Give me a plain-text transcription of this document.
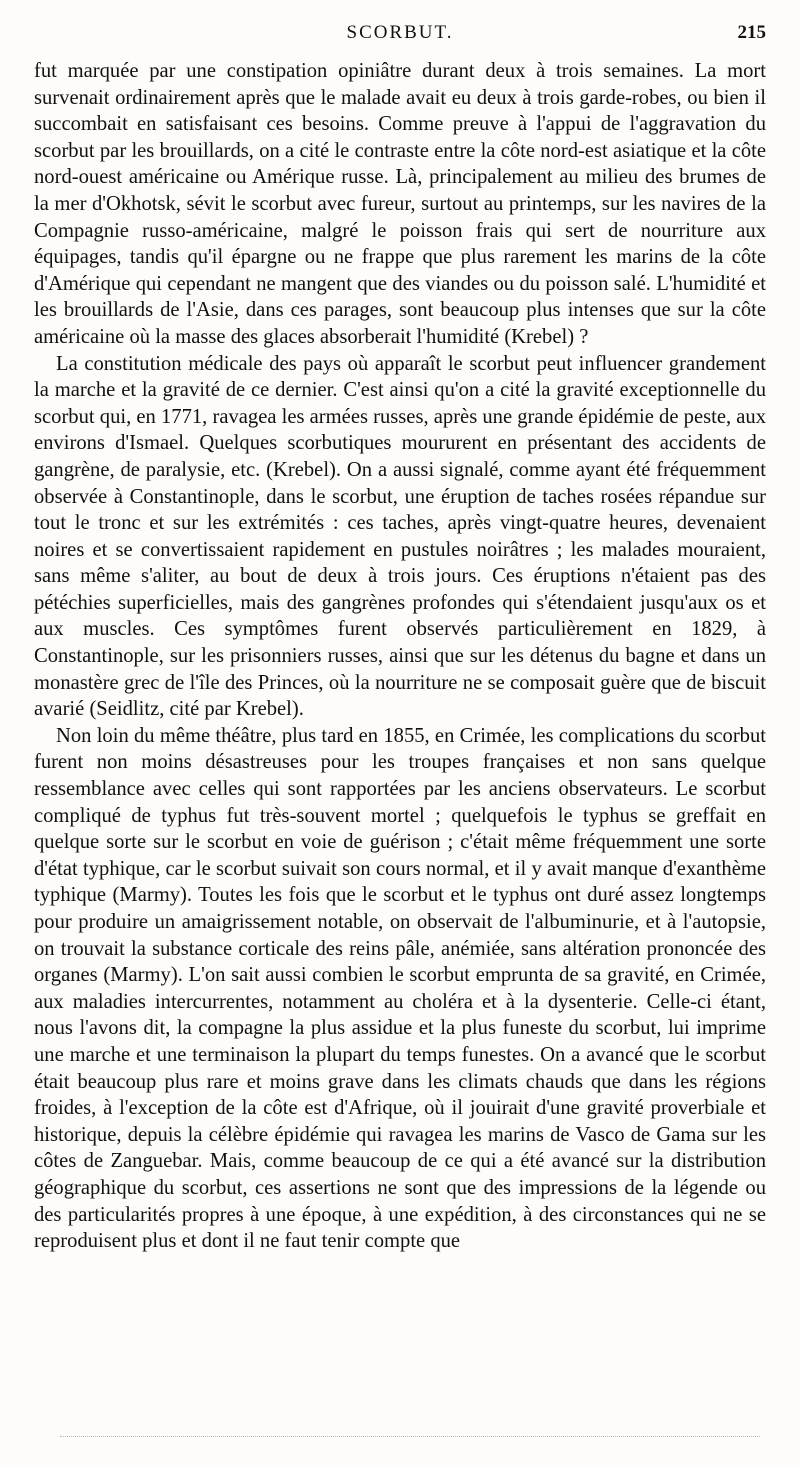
SCORBUT.	215

fut marquée par une constipation opiniâtre durant deux à trois semaines. La mort survenait ordinairement après que le malade avait eu deux à trois garde-robes, ou bien il succombait en satisfaisant ces besoins. Comme preuve à l'appui de l'aggravation du scorbut par les brouillards, on a cité le contraste entre la côte nord-est asiatique et la côte nord-ouest américaine ou Amérique russe. Là, principalement au milieu des brumes de la mer d'Okhotsk, sévit le scorbut avec fureur, surtout au printemps, sur les navires de la Compagnie russo-américaine, malgré le poisson frais qui sert de nourriture aux équipages, tandis qu'il épargne ou ne frappe que plus rarement les marins de la côte d'Amérique qui cependant ne mangent que des viandes ou du poisson salé. L'humidité et les brouillards de l'Asie, dans ces parages, sont beaucoup plus intenses que sur la côte américaine où la masse des glaces absorberait l'humidité (Krebel) ?

La constitution médicale des pays où apparaît le scorbut peut influencer grandement la marche et la gravité de ce dernier. C'est ainsi qu'on a cité la gravité exceptionnelle du scorbut qui, en 1771, ravagea les armées russes, après une grande épidémie de peste, aux environs d'Ismael. Quelques scorbutiques moururent en présentant des accidents de gangrène, de paralysie, etc. (Krebel). On a aussi signalé, comme ayant été fréquemment observée à Constantinople, dans le scorbut, une éruption de taches rosées répandue sur tout le tronc et sur les extrémités : ces taches, après vingt-quatre heures, devenaient noires et se convertissaient rapidement en pustules noirâtres ; les malades mouraient, sans même s'aliter, au bout de deux à trois jours. Ces éruptions n'étaient pas des pétéchies superficielles, mais des gangrènes profondes qui s'étendaient jusqu'aux os et aux muscles. Ces symptômes furent observés particulièrement en 1829, à Constantinople, sur les prisonniers russes, ainsi que sur les détenus du bagne et dans un monastère grec de l'île des Princes, où la nourriture ne se composait guère que de biscuit avarié (Seidlitz, cité par Krebel).

Non loin du même théâtre, plus tard en 1855, en Crimée, les complications du scorbut furent non moins désastreuses pour les troupes françaises et non sans quelque ressemblance avec celles qui sont rapportées par les anciens observateurs. Le scorbut compliqué de typhus fut très-souvent mortel ; quelquefois le typhus se greffait en quelque sorte sur le scorbut en voie de guérison ; c'était même fréquemment une sorte d'état typhique, car le scorbut suivait son cours normal, et il y avait manque d'exanthème typhique (Marmy). Toutes les fois que le scorbut et le typhus ont duré assez longtemps pour produire un amaigrissement notable, on observait de l'albuminurie, et à l'autopsie, on trouvait la substance corticale des reins pâle, anémiée, sans altération prononcée des organes (Marmy). L'on sait aussi combien le scorbut emprunta de sa gravité, en Crimée, aux maladies intercurrentes, notamment au choléra et à la dysenterie. Celle-ci étant, nous l'avons dit, la compagne la plus assidue et la plus funeste du scorbut, lui imprime une marche et une terminaison la plupart du temps funestes. On a avancé que le scorbut était beaucoup plus rare et moins grave dans les climats chauds que dans les régions froides, à l'exception de la côte est d'Afrique, où il jouirait d'une gravité proverbiale et historique, depuis la célèbre épidémie qui ravagea les marins de Vasco de Gama sur les côtes de Zanguebar. Mais, comme beaucoup de ce qui a été avancé sur la distribution géographique du scorbut, ces assertions ne sont que des impressions de la légende ou des particularités propres à une époque, à une expédition, à des circonstances qui ne se reproduisent plus et dont il ne faut tenir compte que
